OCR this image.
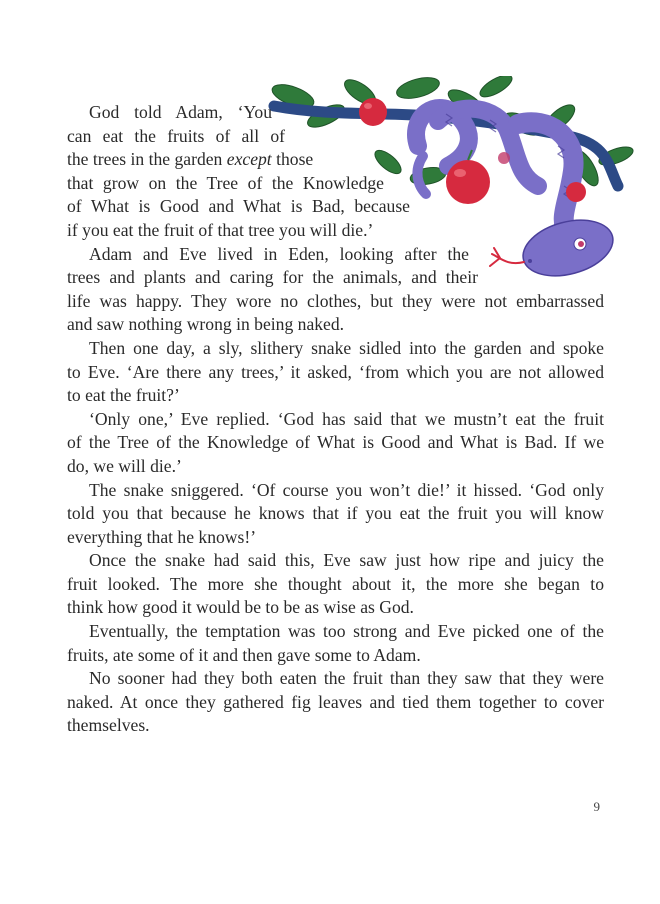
God told Adam, ‘You
can eat the fruits of all of
the trees in the garden except those
that grow on the Tree of the Knowledge
of What is Good and What is Bad, because
if you eat the fruit of that tree you will die.’
Adam and Eve lived in Eden, looking after the
trees and plants and caring for the animals, and their
life was happy. They wore no clothes, but they were not embarrassed
and saw nothing wrong in being naked.
Then one day, a sly, slithery snake sidled into the garden and spoke
to Eve. ‘Are there any trees,’ it asked, ‘from which you are not allowed
to eat the fruit?’
‘Only one,’ Eve replied. ‘God has said that we mustn’t eat the fruit
of the Tree of the Knowledge of What is Good and What is Bad. If we
do, we will die.’
The snake sniggered. ‘Of course you won’t die!’ it hissed. ‘God only
told you that because he knows that if you eat the fruit you will know
everything that he knows!’
Once the snake had said this, Eve saw just how ripe and juicy the
fruit looked. The more she thought about it, the more she began to
think how good it would be to be as wise as God.
Eventually, the temptation was too strong and Eve picked one of the
fruits, ate some of it and then gave some to Adam.
No sooner had they both eaten the fruit than they saw that they were
naked. At once they gathered fig leaves and tied them together to cover
themselves.
9
